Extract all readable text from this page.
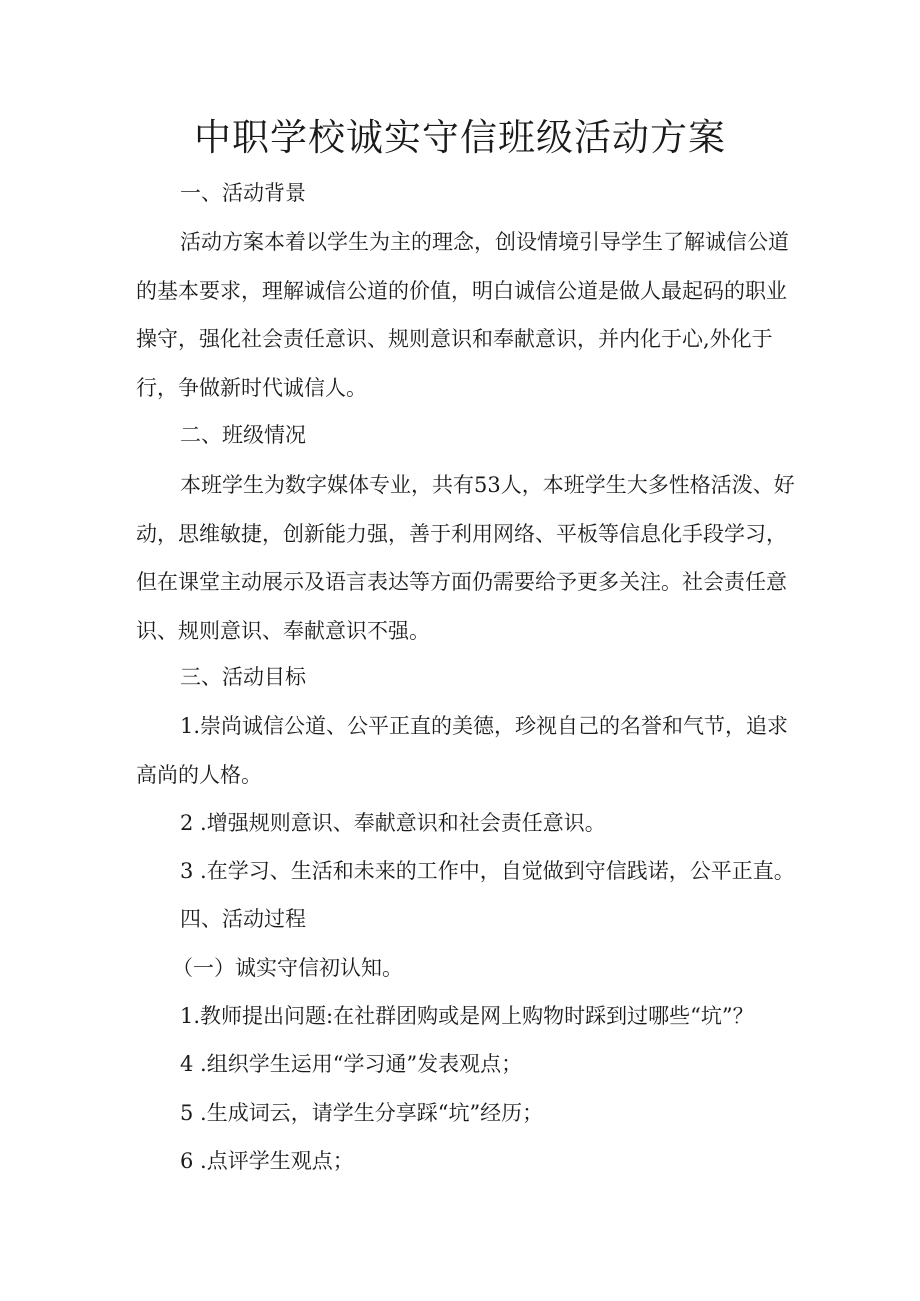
中职学校诚实守信班级活动方案

一、活动背景

活动方案本着以学生为主的理念，创设情境引导学生了解诚信公道的基本要求，理解诚信公道的价值，明白诚信公道是做人最起码的职业操守，强化社会责任意识、规则意识和奉献意识，并内化于心,外化于行，争做新时代诚信人。

二、班级情况

本班学生为数字媒体专业，共有53人，本班学生大多性格活泼、好动，思维敏捷，创新能力强，善于利用网络、平板等信息化手段学习，但在课堂主动展示及语言表达等方面仍需要给予更多关注。社会责任意识、规则意识、奉献意识不强。

三、活动目标

1.崇尚诚信公道、公平正直的美德，珍视自己的名誉和气节，追求高尚的人格。

2 .增强规则意识、奉献意识和社会责任意识。

3 .在学习、生活和未来的工作中，自觉做到守信践诺，公平正直。

四、活动过程

（一）诚实守信初认知。

1.教师提出问题:在社群团购或是网上购物时踩到过哪些“坑”？

4 .组织学生运用“学习通”发表观点；

5 .生成词云，请学生分享踩“坑”经历；

6 .点评学生观点；
